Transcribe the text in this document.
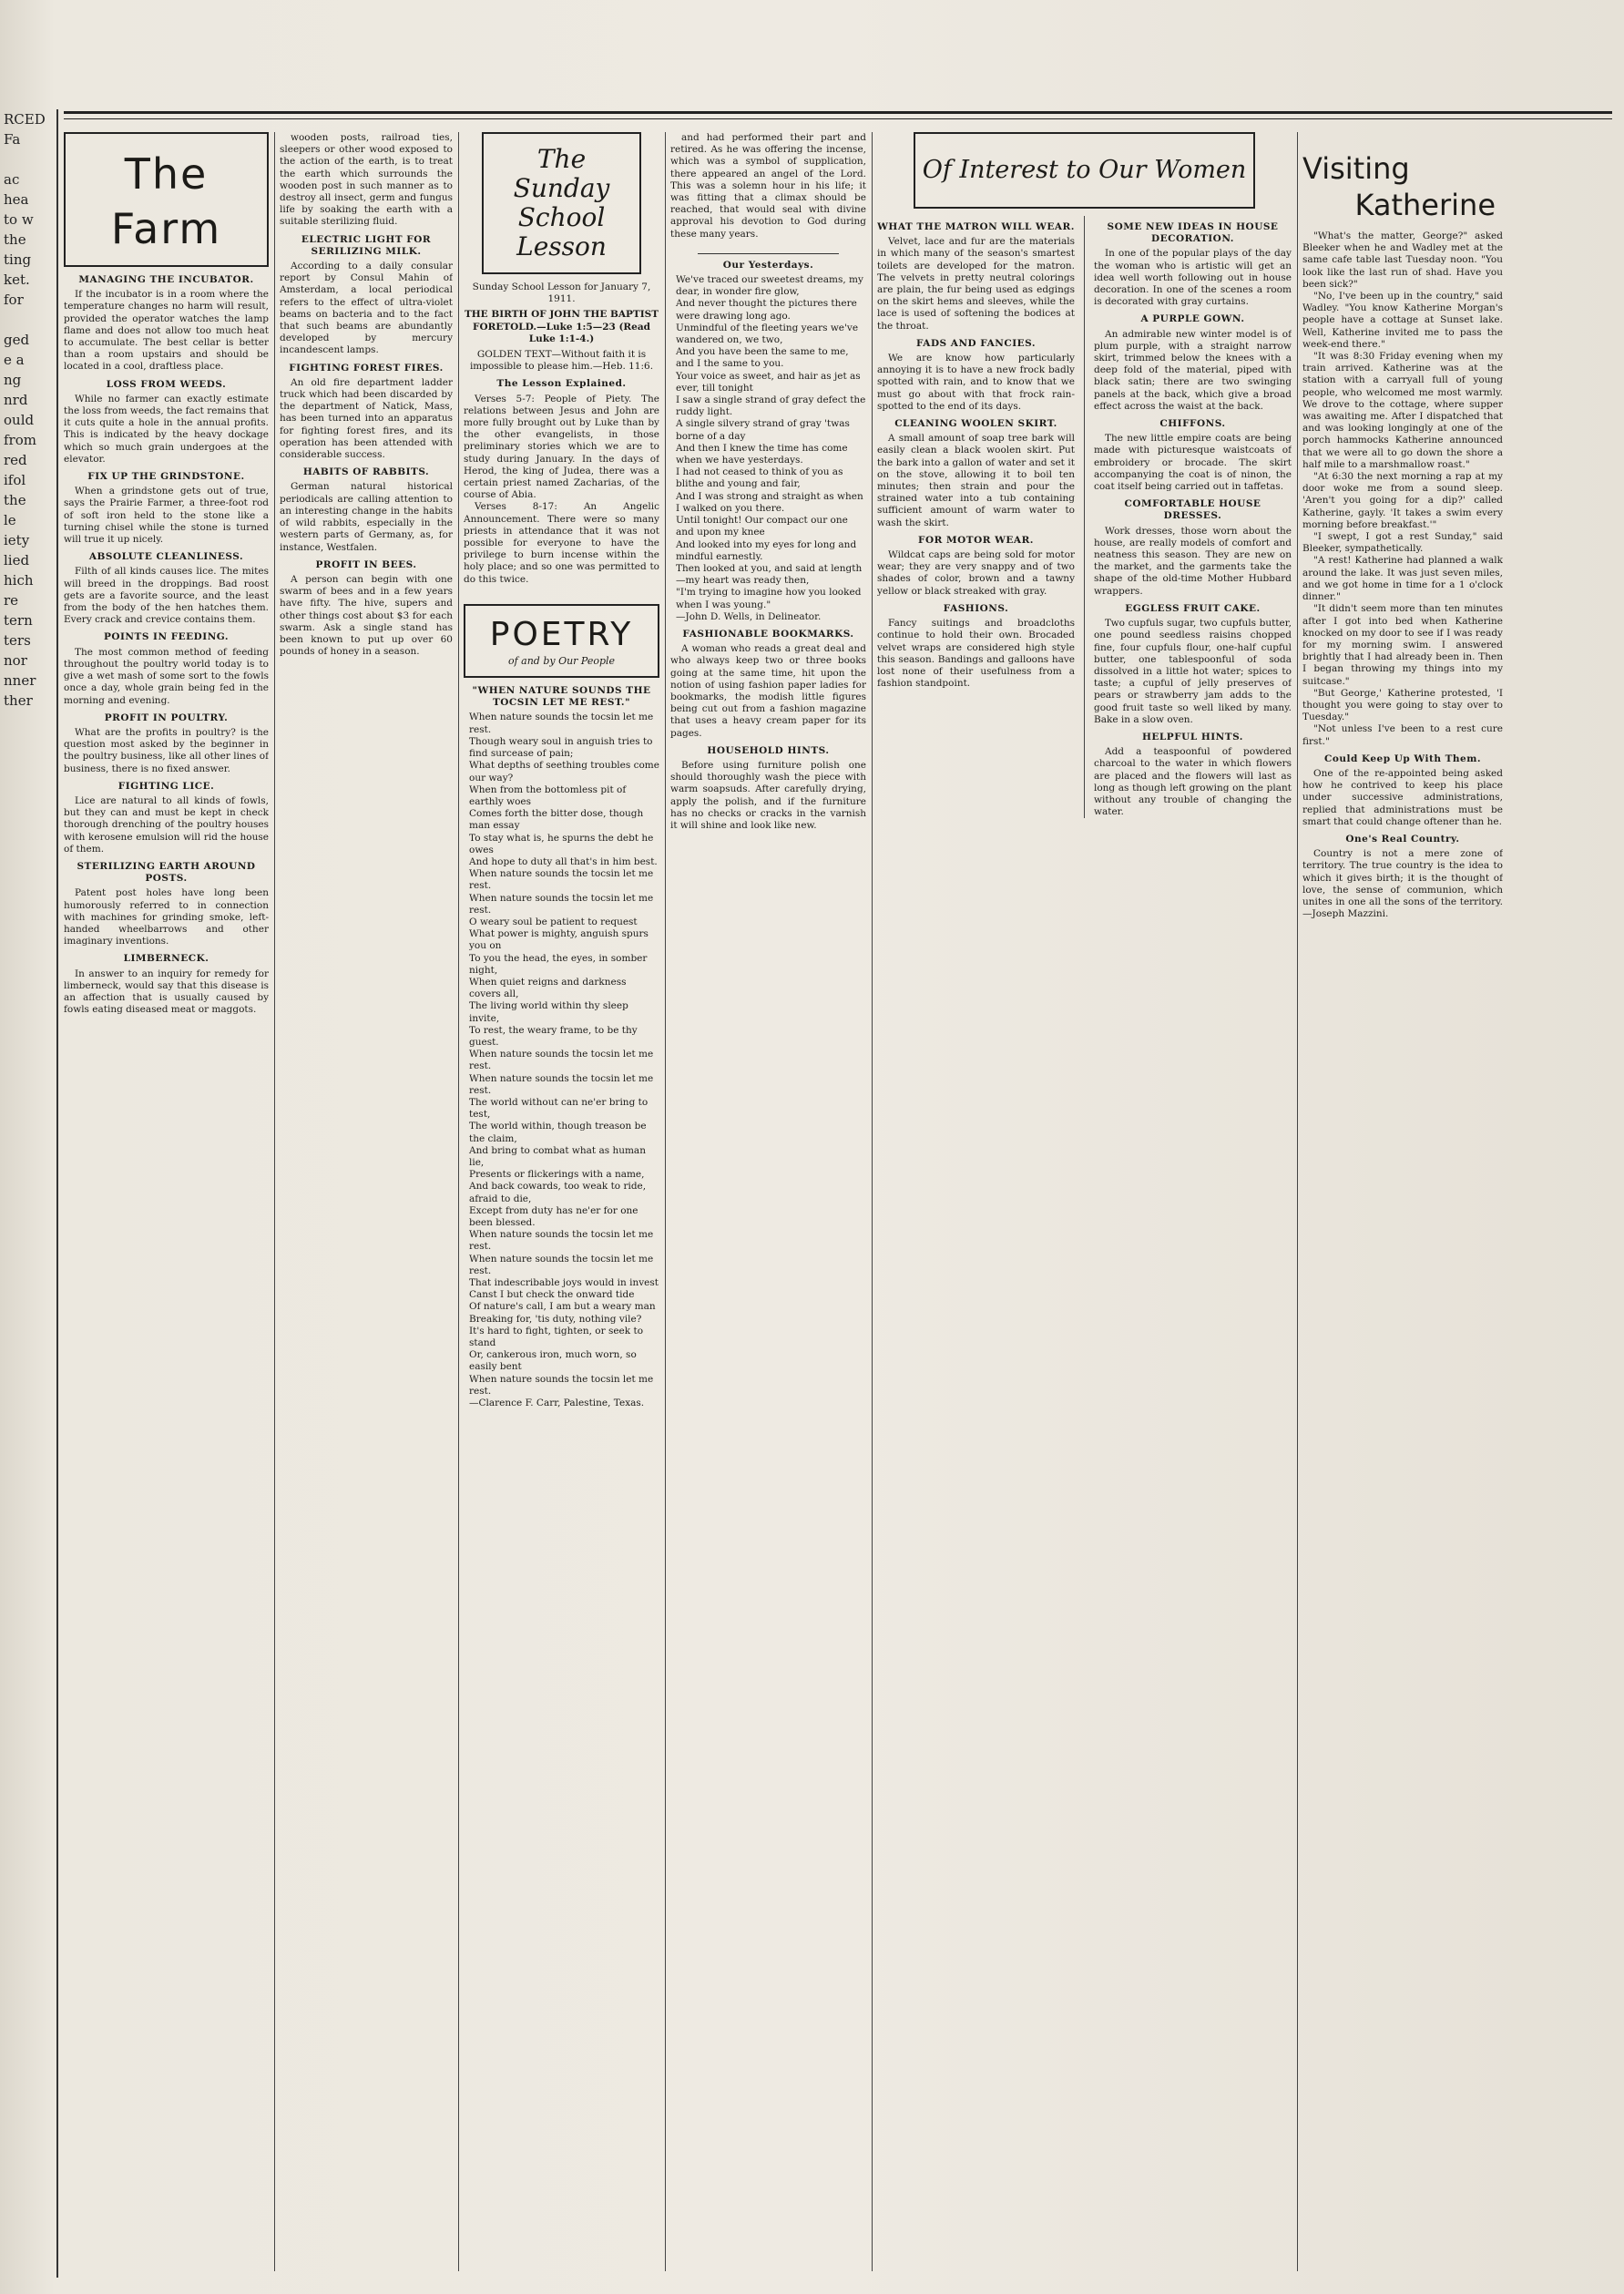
RCED
Fa

ac
hea
to w
the
ting
ket.
for

ged
e a
ng
nrd
ould
from
red
ifol
the
le
iety
lied
hich
re
tern
ters
nor
nner
ther

The Farm
MANAGING THE INCUBATOR.

If the incubator is in a room where the temperature changes no harm will result, provided the operator watches the lamp flame and does not allow too much heat to accumulate. The best cellar is better than a room upstairs and should be located in a cool, draftless place.

LOSS FROM WEEDS.

While no farmer can exactly estimate the loss from weeds, the fact remains that it cuts quite a hole in the annual profits. This is indicated by the heavy dockage which so much grain undergoes at the elevator.

FIX UP THE GRINDSTONE.

When a grindstone gets out of true, says the Prairie Farmer, a three-foot rod of soft iron held to the stone like a turning chisel while the stone is turned will true it up nicely.

ABSOLUTE CLEANLINESS.

Filth of all kinds causes lice. The mites will breed in the droppings. Bad roost gets are a favorite source, and the least from the body of the hen hatches them. Every crack and crevice contains them.

POINTS IN FEEDING.

The most common method of feeding throughout the poultry world today is to give a wet mash of some sort to the fowls once a day, whole grain being fed in the morning and evening.

PROFIT IN POULTRY.

What are the profits in poultry? is the question most asked by the beginner in the poultry business, like all other lines of business, there is no fixed answer.

FIGHTING LICE.

Lice are natural to all kinds of fowls, but they can and must be kept in check thorough drenching of the poultry houses with kerosene emulsion will rid the house of them.

STERILIZING EARTH AROUND POSTS.

Patent post holes have long been humorously referred to in connection with machines for grinding smoke, left-handed wheelbarrows and other imaginary inventions.

LIMBERNECK.

In answer to an inquiry for remedy for limberneck, would say that this disease is an affection that is usually caused by fowls eating diseased meat or maggots.

wooden posts, railroad ties, sleepers or other wood exposed to the action of the earth, is to treat the earth which surrounds the wooden post in such manner as to destroy all insect, germ and fungus life by soaking the earth with a suitable sterilizing fluid.

ELECTRIC LIGHT FOR SERILIZING MILK.

According to a daily consular report by Consul Mahin of Amsterdam, a local periodical refers to the effect of ultra-violet beams on bacteria and to the fact that such beams are abundantly developed by mercury incandescent lamps.

FIGHTING FOREST FIRES.

An old fire department ladder truck which had been discarded by the department of Natick, Mass, has been turned into an apparatus for fighting forest fires, and its operation has been attended with considerable success.

HABITS OF RABBITS.

German natural historical periodicals are calling attention to an interesting change in the habits of wild rabbits, especially in the western parts of Germany, as, for instance, Westfalen.

PROFIT IN BEES.

A person can begin with one swarm of bees and in a few years have fifty. The hive, supers and other things cost about $3 for each swarm. Ask a single stand has been known to put up over 60 pounds of honey in a season.

The Sunday School Lesson
Sunday School Lesson for January 7, 1911.
THE BIRTH OF JOHN THE BAPTIST FORETOLD.—Luke 1:5—23 (Read Luke 1:1-4.)
GOLDEN TEXT—Without faith it is impossible to please him.—Heb. 11:6.
The Lesson Explained.

Verses 5-7: People of Piety. The relations between Jesus and John are more fully brought out by Luke than by the other evangelists, in those preliminary stories which we are to study during January. In the days of Herod, the king of Judea, there was a certain priest named Zacharias, of the course of Abia.

Verses 8-17: An Angelic Announcement. There were so many priests in attendance that it was not possible for everyone to have the privilege to burn incense within the holy place; and so one was permitted to do this twice.

POETRY
of and by Our People
"WHEN NATURE SOUNDS THE TOCSIN LET ME REST."
When nature sounds the tocsin let me rest.
Though weary soul in anguish tries to find surcease of pain;
What depths of seething troubles come our way?
When from the bottomless pit of earthly woes
Comes forth the bitter dose, though man essay
To stay what is, he spurns the debt he owes
And hope to duty all that's in him best.
When nature sounds the tocsin let me rest.
When nature sounds the tocsin let me rest.
O weary soul be patient to request
What power is mighty, anguish spurs you on
To you the head, the eyes, in somber night,
When quiet reigns and darkness covers all,
The living world within thy sleep invite,
To rest, the weary frame, to be thy guest.
When nature sounds the tocsin let me rest.
When nature sounds the tocsin let me rest.
The world without can ne'er bring to test,
The world within, though treason be the claim,
And bring to combat what as human lie,
Presents or flickerings with a name,
And back cowards, too weak to ride, afraid to die,
Except from duty has ne'er for one been blessed.
When nature sounds the tocsin let me rest.
When nature sounds the tocsin let me rest.
That indescribable joys would in invest
Canst I but check the onward tide
Of nature's call, I am but a weary man
Breaking for, 'tis duty, nothing vile?
It's hard to fight, tighten, or seek to stand
Or, cankerous iron, much worn, so easily bent
When nature sounds the tocsin let me rest.
—Clarence F. Carr, Palestine, Texas.

and had performed their part and retired. As he was offering the incense, which was a symbol of supplication, there appeared an angel of the Lord. This was a solemn hour in his life; it was fitting that a climax should be reached, that would seal with divine approval his devotion to God during these many years.

Our Yesterdays.
We've traced our sweetest dreams, my dear, in wonder fire glow,
And never thought the pictures there were drawing long ago.
Unmindful of the fleeting years we've wandered on, we two,
And you have been the same to me, and I the same to you.
Your voice as sweet, and hair as jet as ever, till tonight
I saw a single strand of gray defect the ruddy light.
A single silvery strand of gray 'twas borne of a day
And then I knew the time has come when we have yesterdays.
I had not ceased to think of you as blithe and young and fair,
And I was strong and straight as when I walked on you there.
Until tonight! Our compact our one and upon my knee
And looked into my eyes for long and mindful earnestly.
Then looked at you, and said at length—my heart was ready then,
"I'm trying to imagine how you looked when I was young."
—John D. Wells, in Delineator.
FASHIONABLE BOOKMARKS.

A woman who reads a great deal and who always keep two or three books going at the same time, hit upon the notion of using fashion paper ladies for bookmarks, the modish little figures being cut out from a fashion magazine that uses a heavy cream paper for its pages.

HOUSEHOLD HINTS.

Before using furniture polish one should thoroughly wash the piece with warm soapsuds. After carefully drying, apply the polish, and if the furniture has no checks or cracks in the varnish it will shine and look like new.

Of Interest to Our Women
WHAT THE MATRON WILL WEAR.

Velvet, lace and fur are the materials in which many of the season's smartest toilets are developed for the matron. The velvets in pretty neutral colorings are plain, the fur being used as edgings on the skirt hems and sleeves, while the lace is used of softening the bodices at the throat.

FADS AND FANCIES.

We are know how particularly annoying it is to have a new frock badly spotted with rain, and to know that we must go about with that frock rain-spotted to the end of its days.

CLEANING WOOLEN SKIRT.

A small amount of soap tree bark will easily clean a black woolen skirt. Put the bark into a gallon of water and set it on the stove, allowing it to boil ten minutes; then strain and pour the strained water into a tub containing sufficient amount of warm water to wash the skirt.

FOR MOTOR WEAR.

Wildcat caps are being sold for motor wear; they are very snappy and of two shades of color, brown and a tawny yellow or black streaked with gray.

FASHIONS.

Fancy suitings and broadcloths continue to hold their own. Brocaded velvet wraps are considered high style this season. Bandings and galloons have lost none of their usefulness from a fashion standpoint.

SOME NEW IDEAS IN HOUSE DECORATION.

In one of the popular plays of the day the woman who is artistic will get an idea well worth following out in house decoration. In one of the scenes a room is decorated with gray curtains.

A PURPLE GOWN.

An admirable new winter model is of plum purple, with a straight narrow skirt, trimmed below the knees with a deep fold of the material, piped with black satin; there are two swinging panels at the back, which give a broad effect across the waist at the back.

CHIFFONS.

The new little empire coats are being made with picturesque waistcoats of embroidery or brocade. The skirt accompanying the coat is of ninon, the coat itself being carried out in taffetas.

COMFORTABLE HOUSE DRESSES.

Work dresses, those worn about the house, are really models of comfort and neatness this season. They are new on the market, and the garments take the shape of the old-time Mother Hubbard wrappers.

EGGLESS FRUIT CAKE.

Two cupfuls sugar, two cupfuls butter, one pound seedless raisins chopped fine, four cupfuls flour, one-half cupful butter, one tablespoonful of soda dissolved in a little hot water; spices to taste; a cupful of jelly preserves of pears or strawberry jam adds to the good fruit taste so well liked by many. Bake in a slow oven.

HELPFUL HINTS.

Add a teaspoonful of powdered charcoal to the water in which flowers are placed and the flowers will last as long as though left growing on the plant without any trouble of changing the water.

Visiting
Katherine

"What's the matter, George?" asked Bleeker when he and Wadley met at the same cafe table last Tuesday noon. "You look like the last run of shad. Have you been sick?"

"No, I've been up in the country," said Wadley. "You know Katherine Morgan's people have a cottage at Sunset lake. Well, Katherine invited me to pass the week-end there."

"It was 8:30 Friday evening when my train arrived. Katherine was at the station with a carryall full of young people, who welcomed me most warmly. We drove to the cottage, where supper was awaiting me. After I dispatched that and was looking longingly at one of the porch hammocks Katherine announced that we were all to go down the shore a half mile to a marshmallow roast."

"At 6:30 the next morning a rap at my door woke me from a sound sleep. 'Aren't you going for a dip?' called Katherine, gayly. 'It takes a swim every morning before breakfast.'"

"I swept, I got a rest Sunday," said Bleeker, sympathetically.

"A rest! Katherine had planned a walk around the lake. It was just seven miles, and we got home in time for a 1 o'clock dinner."

"It didn't seem more than ten minutes after I got into bed when Katherine knocked on my door to see if I was ready for my morning swim. I answered brightly that I had already been in. Then I began throwing my things into my suitcase."

"But George,' Katherine protested, 'I thought you were going to stay over to Tuesday."

"Not unless I've been to a rest cure first."

Could Keep Up With Them.

One of the re-appointed being asked how he contrived to keep his place under successive administrations, replied that administrations must be smart that could change oftener than he.

One's Real Country.

Country is not a mere zone of territory. The true country is the idea to which it gives birth; it is the thought of love, the sense of communion, which unites in one all the sons of the territory.—Joseph Mazzini.
